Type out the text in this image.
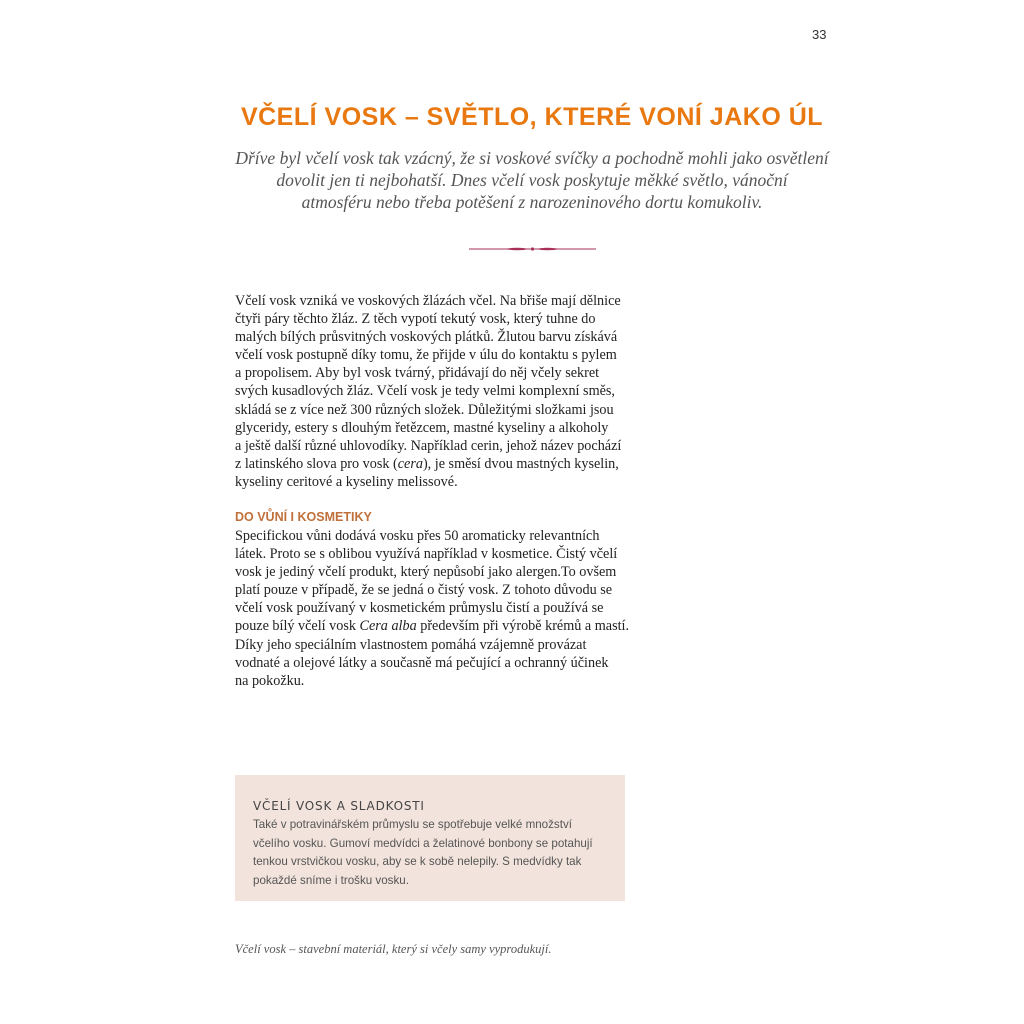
33
VČELÍ VOSK – SVĚTLO, KTERÉ VONÍ JAKO ÚL
Dříve byl včelí vosk tak vzácný, že si voskové svíčky a pochodně mohli jako osvětlení
dovolit jen ti nejbohatší. Dnes včelí vosk poskytuje měkké světlo, vánoční
atmosféru nebo třeba potěšení z narozeninového dortu komukoliv.
Včelí vosk vzniká ve voskových žlázách včel. Na břiše mají dělnice
čtyři páry těchto žláz. Z těch vypotí tekutý vosk, který tuhne do
malých bílých průsvitných voskových plátků. Žlutou barvu získává
včelí vosk postupně díky tomu, že přijde v úlu do kontaktu s pylem
a propolisem. Aby byl vosk tvárný, přidávají do něj včely sekret
svých kusadlových žláz. Včelí vosk je tedy velmi komplexní směs,
skládá se z více než 300 různých složek. Důležitými složkami jsou
glyceridy, estery s dlouhým řetězcem, mastné kyseliny a alkoholy
a ještě další různé uhlovodíky. Například cerin, jehož název pochází
z latinského slova pro vosk (cera), je směsí dvou mastných kyselin,
kyseliny ceritové a kyseliny melissové.
DO VŮNÍ I KOSMETIKY
Specifickou vůni dodává vosku přes 50 aromaticky relevantních
látek. Proto se s oblibou využívá například v kosmetice. Čistý včelí
vosk je jediný včelí produkt, který nepůsobí jako alergen.To ovšem
platí pouze v případě, že se jedná o čistý vosk. Z tohoto důvodu se
včelí vosk používaný v kosmetickém průmyslu čistí a používá se
pouze bílý včelí vosk Cera alba především při výrobě krémů a mastí.
Díky jeho speciálním vlastnostem pomáhá vzájemně provázat
vodnaté a olejové látky a současně má pečující a ochranný účinek
na pokožku.
VČELÍ VOSK A SLADKOSTI
Také v potravinářském průmyslu se spotřebuje velké množství
včelího vosku. Gumoví medvídci a želatinové bonbony se potahují
tenkou vrstvičkou vosku, aby se k sobě nelepily. S medvídky tak
pokaždé sníme i trošku vosku.
Včelí vosk – stavební materiál, který si včely samy vyprodukují.
